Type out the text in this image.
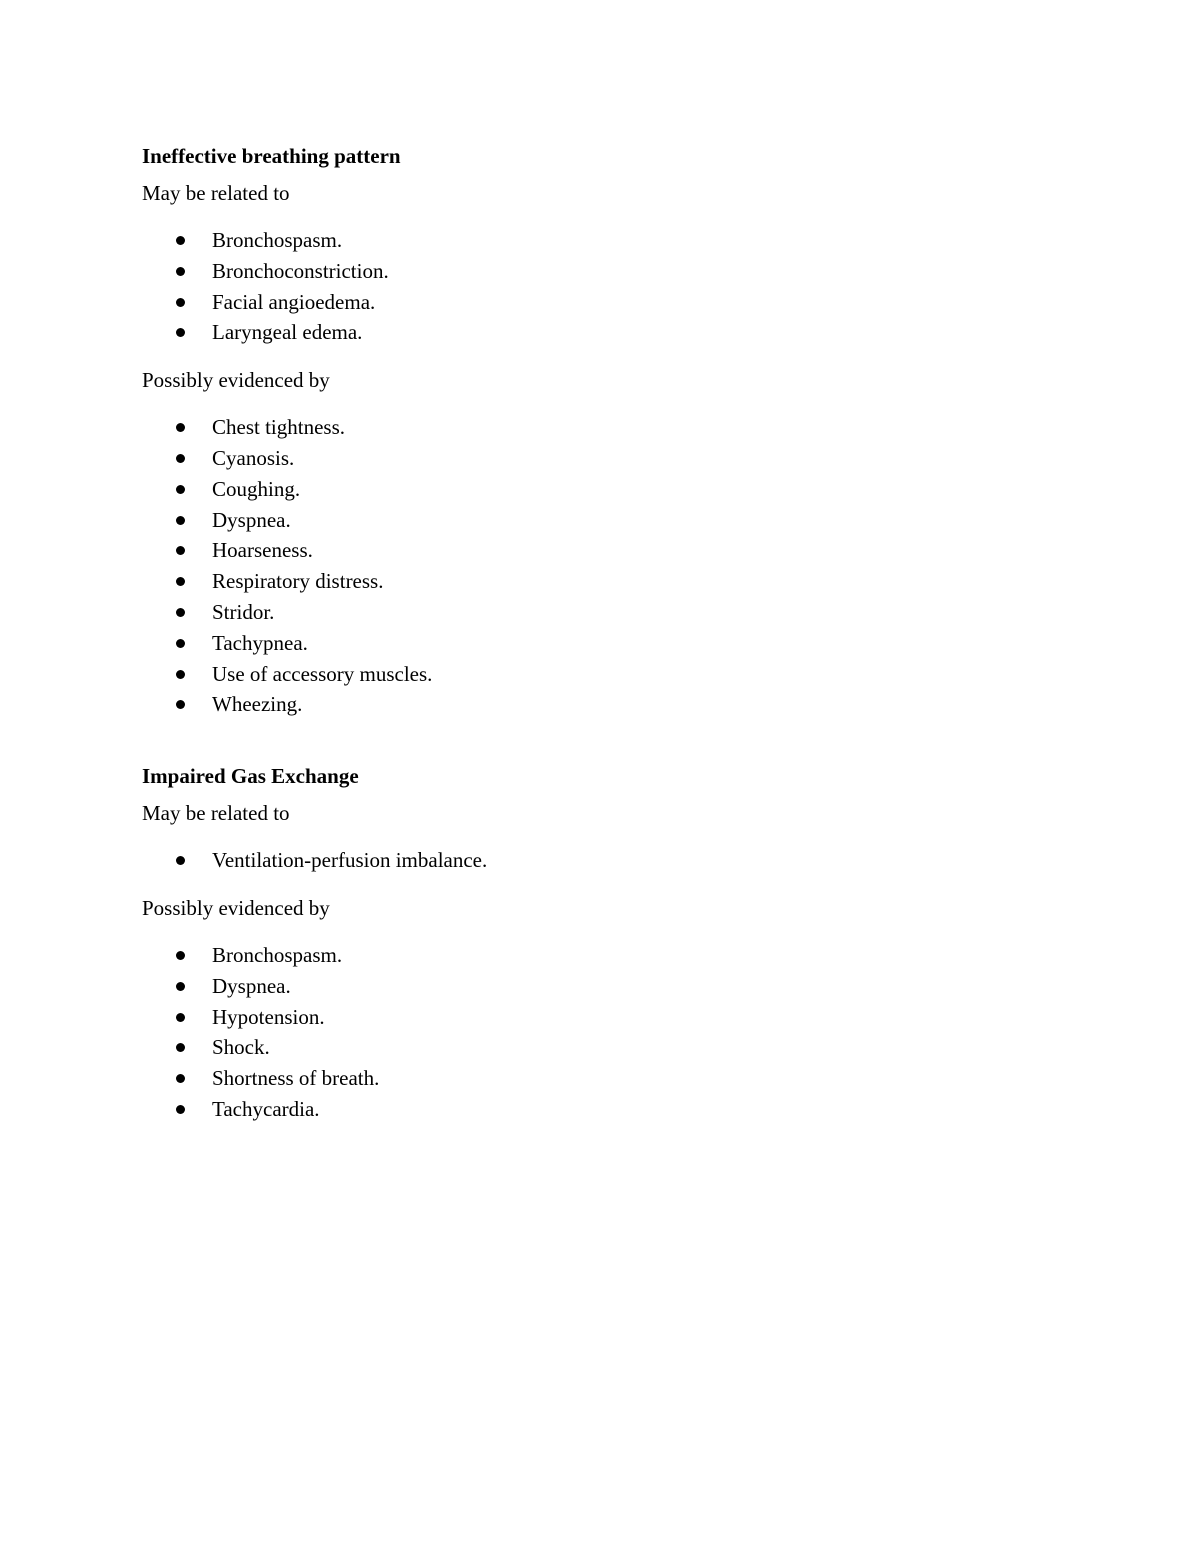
Ineffective breathing pattern

May be related to

Bronchospasm.
Bronchoconstriction.
Facial angioedema.
Laryngeal edema.

Possibly evidenced by

Chest tightness.
Cyanosis.
Coughing.
Dyspnea.
Hoarseness.
Respiratory distress.
Stridor.
Tachypnea.
Use of accessory muscles.
Wheezing.
Impaired Gas Exchange

May be related to

Ventilation-perfusion imbalance.

Possibly evidenced by

Bronchospasm.
Dyspnea.
Hypotension.
Shock.
Shortness of breath.
Tachycardia.
